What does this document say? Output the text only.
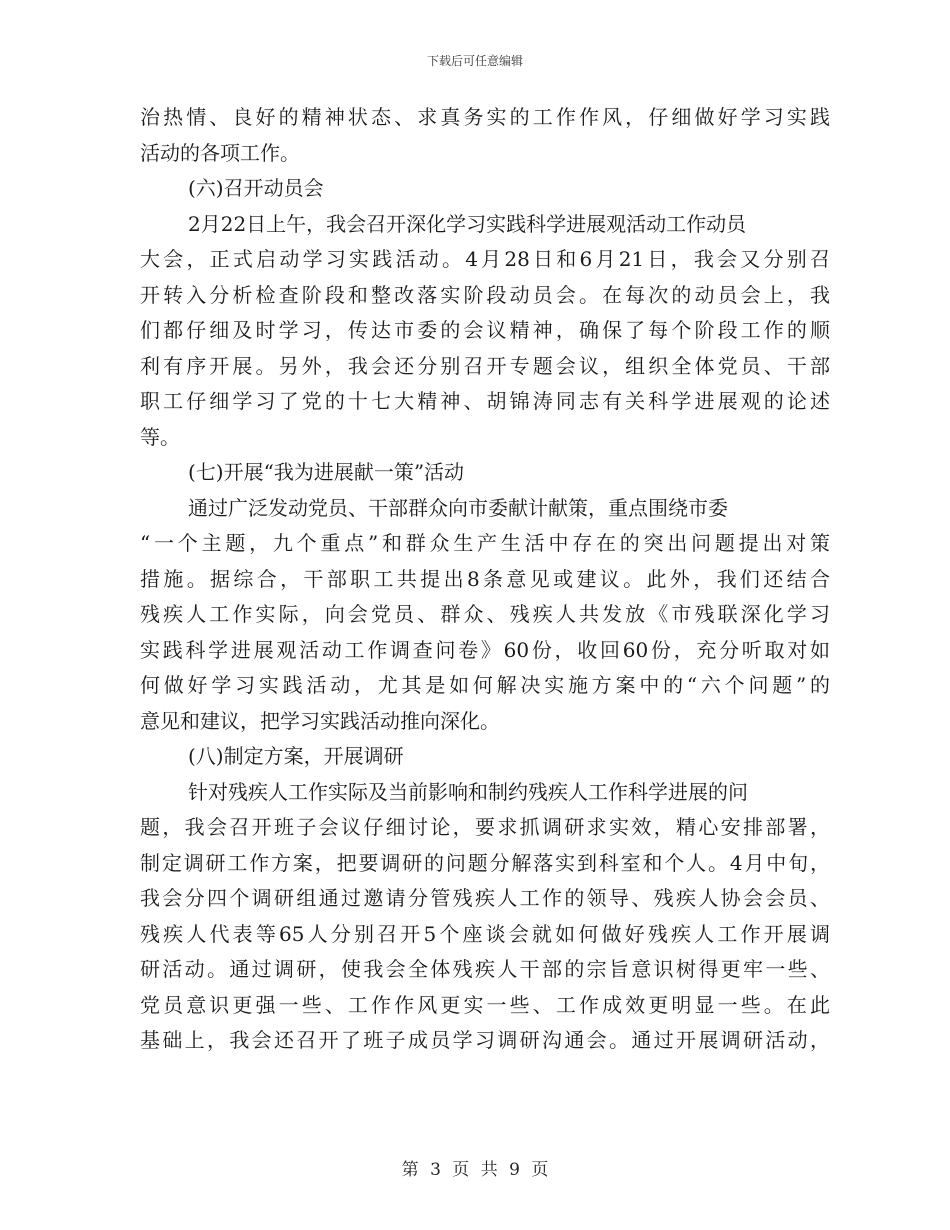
下载后可任意编辑
治热情、良好的精神状态、求真务实的工作作风，仔细做好学习实践
活动的各项工作。
(六)召开动员会
2月22日上午，我会召开深化学习实践科学进展观活动工作动员
大会，正式启动学习实践活动。4月28日和6月21日，我会又分别召
开转入分析检查阶段和整改落实阶段动员会。在每次的动员会上，我
们都仔细及时学习，传达市委的会议精神，确保了每个阶段工作的顺
利有序开展。另外，我会还分别召开专题会议，组织全体党员、干部
职工仔细学习了党的十七大精神、胡锦涛同志有关科学进展观的论述
等。
(七)开展“我为进展献一策”活动
通过广泛发动党员、干部群众向市委献计献策，重点围绕市委
“一个主题，九个重点”和群众生产生活中存在的突出问题提出对策
措施。据综合，干部职工共提出8条意见或建议。此外，我们还结合
残疾人工作实际，向会党员、群众、残疾人共发放《市残联深化学习
实践科学进展观活动工作调查问卷》60份，收回60份，充分听取对如
何做好学习实践活动，尤其是如何解决实施方案中的“六个问题”的
意见和建议，把学习实践活动推向深化。
(八)制定方案，开展调研
针对残疾人工作实际及当前影响和制约残疾人工作科学进展的问
题，我会召开班子会议仔细讨论，要求抓调研求实效，精心安排部署，
制定调研工作方案，把要调研的问题分解落实到科室和个人。4月中旬，
我会分四个调研组通过邀请分管残疾人工作的领导、残疾人协会会员、
残疾人代表等65人分别召开5个座谈会就如何做好残疾人工作开展调
研活动。通过调研，使我会全体残疾人干部的宗旨意识树得更牢一些、
党员意识更强一些、工作作风更实一些、工作成效更明显一些。在此
基础上，我会还召开了班子成员学习调研沟通会。通过开展调研活动，
第 3 页 共 9 页
